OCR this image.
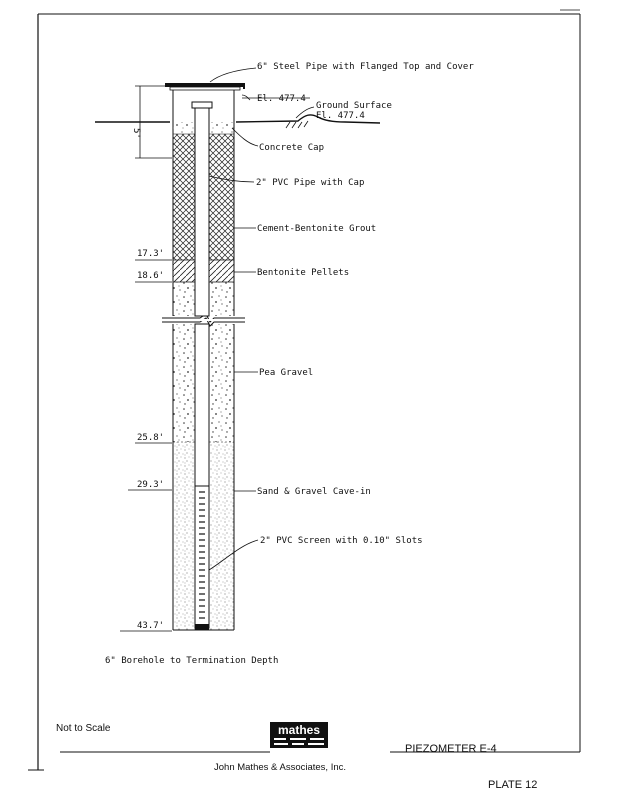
5'
17.3'
18.6'
25.8'
29.3'
43.7'
6" Steel Pipe with Flanged Top and Cover
El. 477.4
Ground Surface
El. 477.4
Concrete Cap
2" PVC Pipe with Cap
Cement-Bentonite Grout
Bentonite Pellets
Pea Gravel
Sand & Gravel Cave-in
2" PVC Screen with 0.10" Slots
6" Borehole to Termination Depth
Not to Scale	mathes
PIEZOMETER E-4
John Mathes & Associates, Inc.
PLATE 12
